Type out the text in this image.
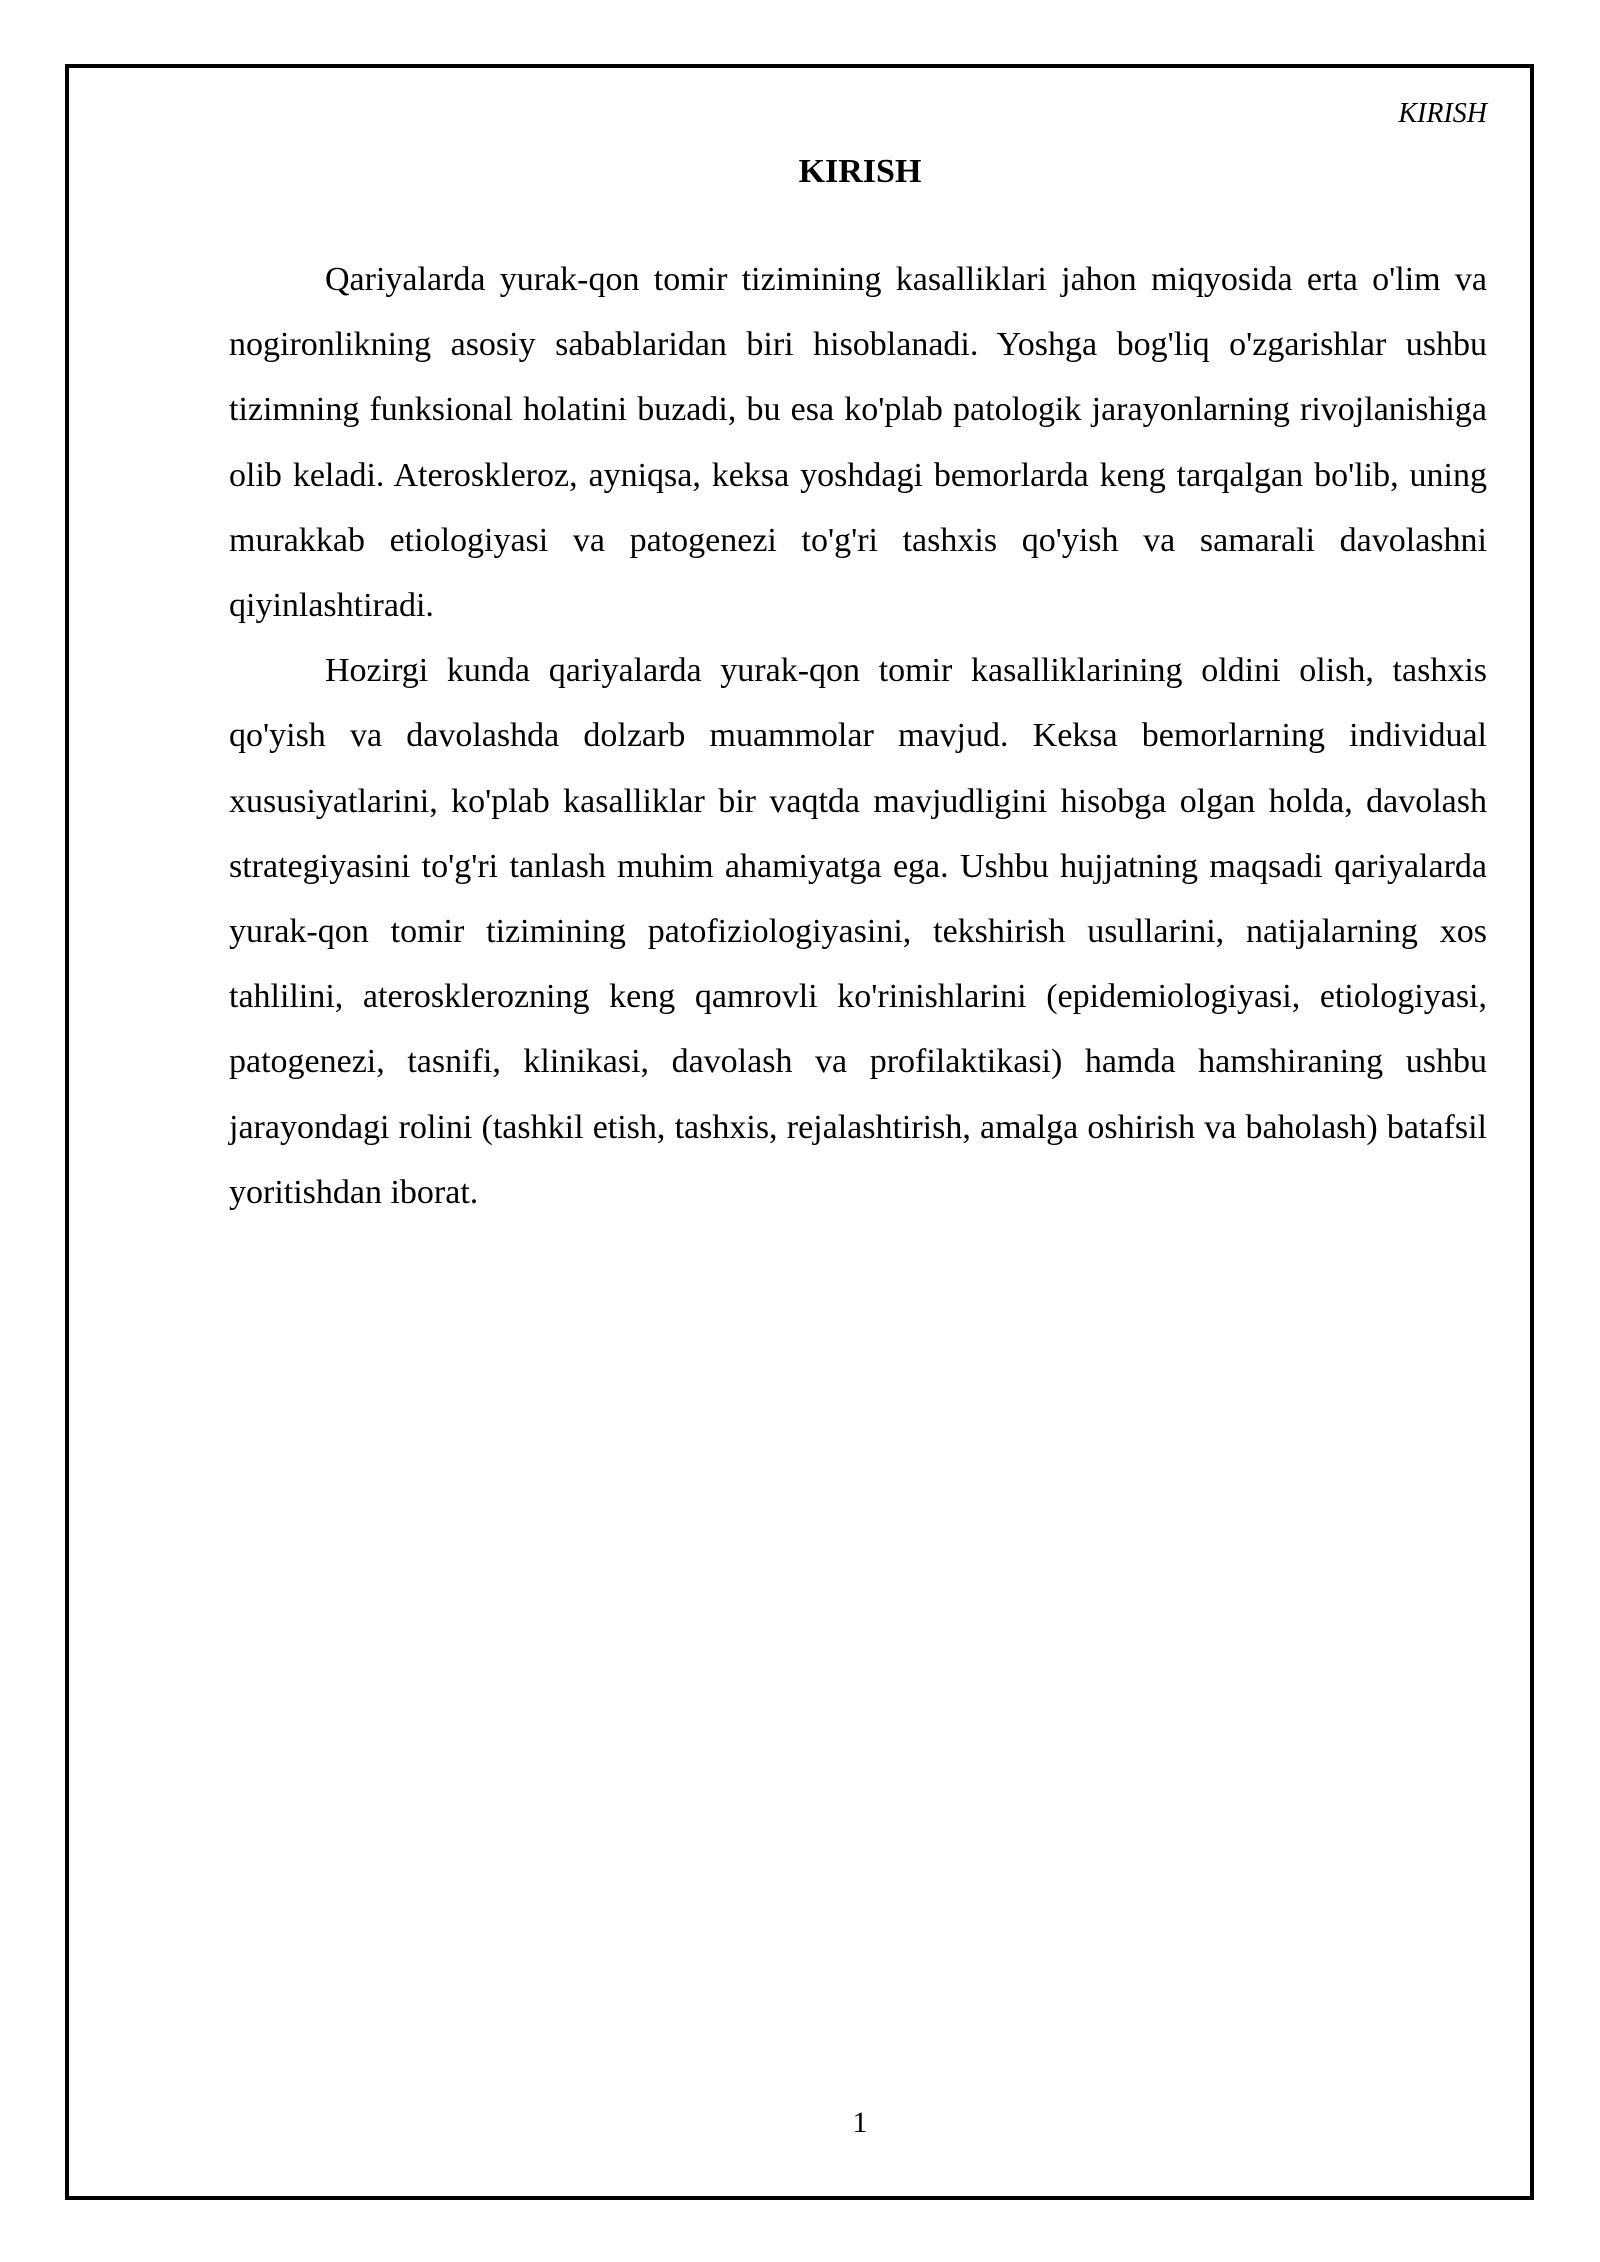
KIRISH
KIRISH

Qariyalarda yurak-qon tomir tizimining kasalliklari jahon miqyosida erta o'lim va nogironlikning asosiy sabablaridan biri hisoblanadi. Yoshga bog'liq o'zgarishlar ushbu tizimning funksional holatini buzadi, bu esa ko'plab patologik jarayonlarning rivojlanishiga olib keladi. Ateroskleroz, ayniqsa, keksa yoshdagi bemorlarda keng tarqalgan bo'lib, uning murakkab etiologiyasi va patogenezi to'g'ri tashxis qo'yish va samarali davolashni qiyinlashtiradi.

Hozirgi kunda qariyalarda yurak-qon tomir kasalliklarining oldini olish, tashxis qo'yish va davolashda dolzarb muammolar mavjud. Keksa bemorlarning individual xususiyatlarini, ko'plab kasalliklar bir vaqtda mavjudligini hisobga olgan holda, davolash strategiyasini to'g'ri tanlash muhim ahamiyatga ega. Ushbu hujjatning maqsadi qariyalarda yurak-qon tomir tizimining patofiziologiyasini, tekshirish usullarini, natijalarning xos tahlilini, aterosklerozning keng qamrovli ko'rinishlarini (epidemiologiyasi, etiologiyasi, patogenezi, tasnifi, klinikasi, davolash va profilaktikasi) hamda hamshiraning ushbu jarayondagi rolini (tashkil etish, tashxis, rejalashtirish, amalga oshirish va baholash) batafsil yoritishdan iborat.

1
